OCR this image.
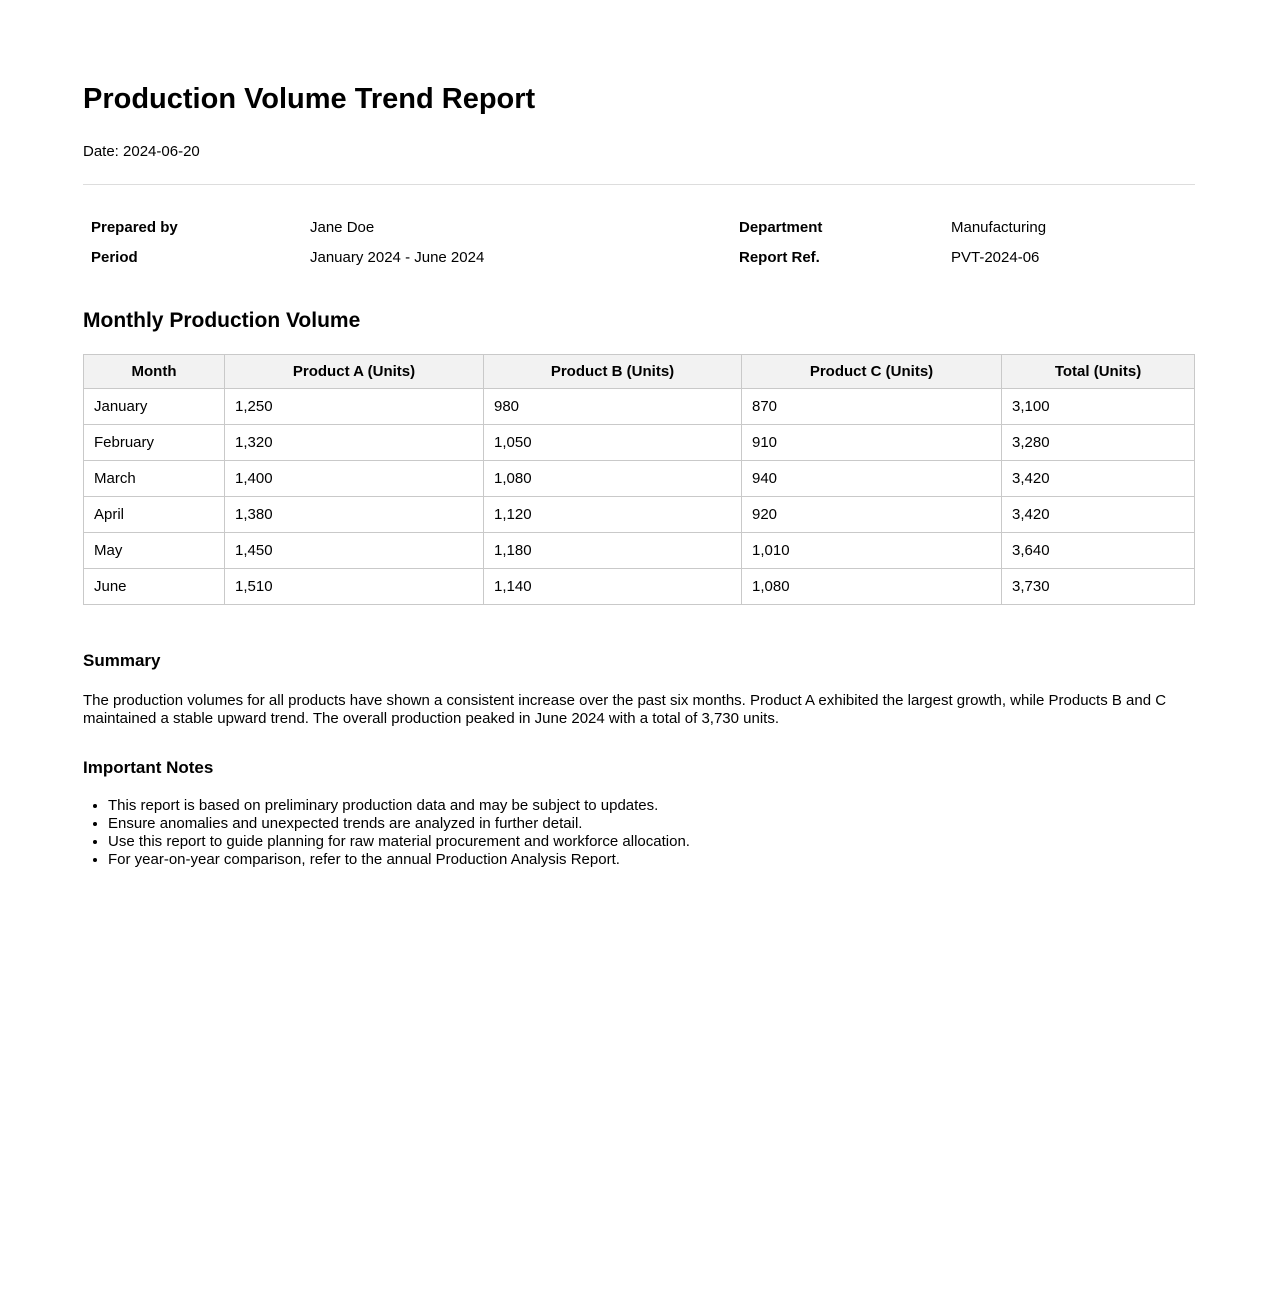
Production Volume Trend Report
Date: 2024-06-20
Prepared by	Jane Doe	Department	Manufacturing
Period	January 2024 - June 2024	Report Ref.	PVT-2024-06
Monthly Production Volume
Month	Product A (Units)	Product B (Units)	Product C (Units)	Total (Units)
January	1,250	980	870	3,100
February	1,320	1,050	910	3,280
March	1,400	1,080	940	3,420
April	1,380	1,120	920	3,420
May	1,450	1,180	1,010	3,640
June	1,510	1,140	1,080	3,730
Summary

The production volumes for all products have shown a consistent increase over the past six months. Product A exhibited the largest growth, while Products B and C maintained a stable upward trend. The overall production peaked in June 2024 with a total of 3,730 units.

Important Notes
• This report is based on preliminary production data and may be subject to updates.
• Ensure anomalies and unexpected trends are analyzed in further detail.
• Use this report to guide planning for raw material procurement and workforce allocation.
• For year-on-year comparison, refer to the annual Production Analysis Report.
